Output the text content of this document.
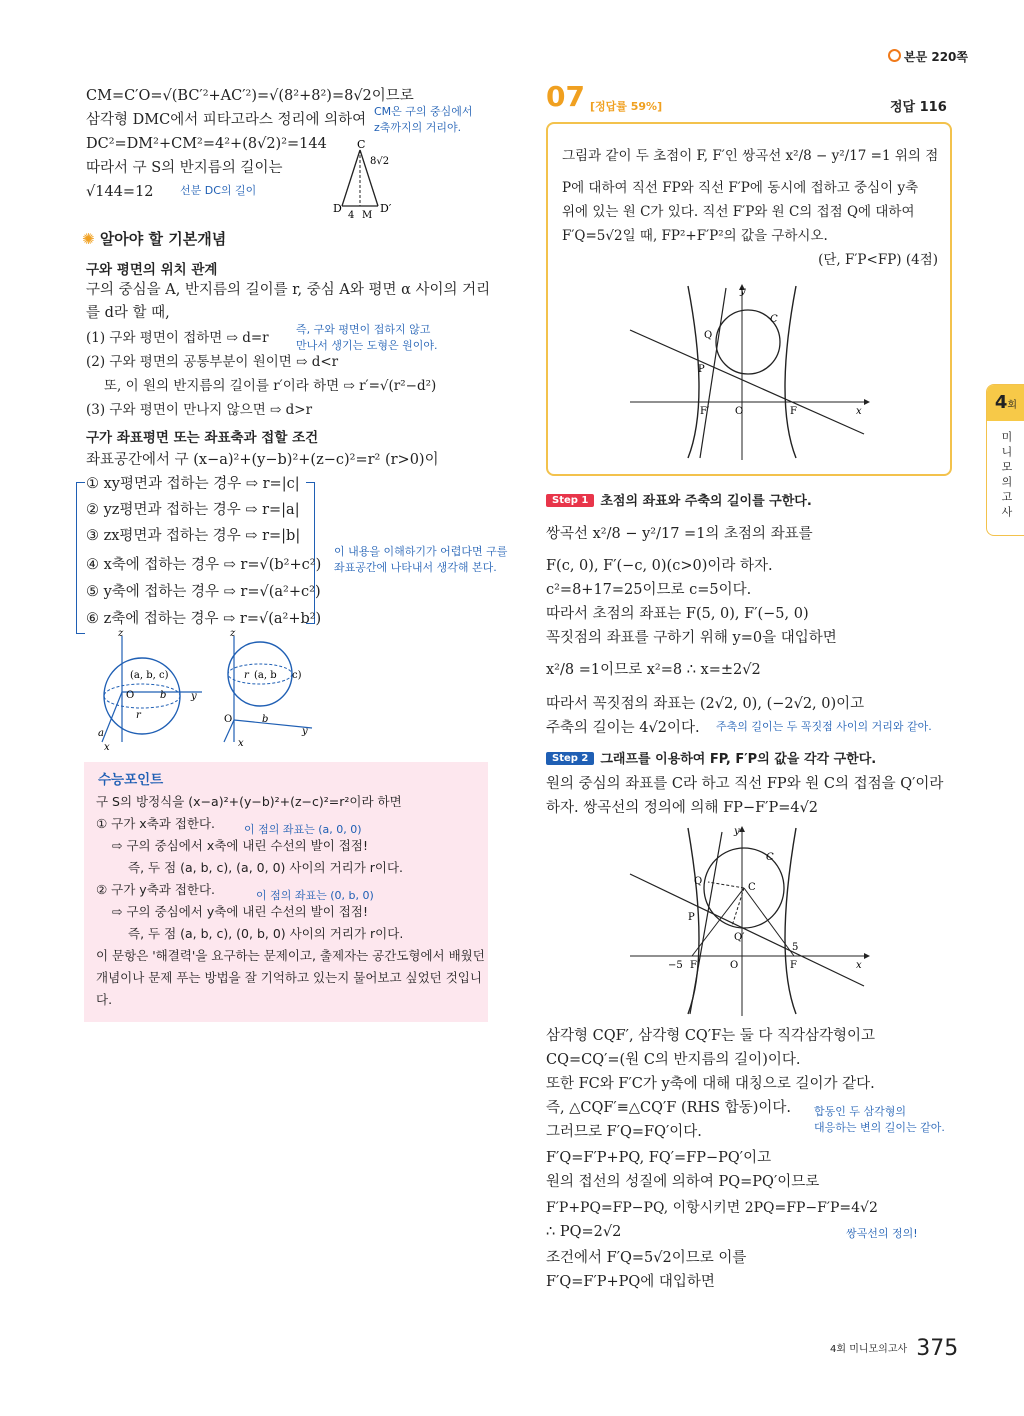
본문 220쪽
4회
미니모의고사
CM=C′O=√(BC′²+AC′²)=√(8²+8²)=8√2이므로
삼각형 DMC에서 피타고라스 정리에 의하여
DC²=DM²+CM²=4²+(8√2)²=144
따라서 구 S의 반지름의 길이는
√144=12
CM은 구의 중심에서
z축까지의 거리야.
선분 DC의 길이
C
8√2
D	D′
4 M
✺ 알아야 할 기본개념
구와 평면의 위치 관계
구의 중심을 A, 반지름의 길이를 r, 중심 A와 평면 α 사이의 거리
를 d라 할 때,
(1) 구와 평면이 접하면 ⇨ d=r
(2) 구와 평면의 공통부분이 원이면 ⇨ d<r
또, 이 원의 반지름의 길이를 r′이라 하면 ⇨ r′=√(r²−d²)
(3) 구와 평면이 만나지 않으면 ⇨ d>r
즉, 구와 평면이 접하지 않고
만나서 생기는 도형은 원이야.
구가 좌표평면 또는 좌표축과 접할 조건
좌표공간에서 구 (x−a)²+(y−b)²+(z−c)²=r² (r>0)이
① xy평면과 접하는 경우 ⇨ r=|c|
② yz평면과 접하는 경우 ⇨ r=|a|
③ zx평면과 접하는 경우 ⇨ r=|b|
④ x축에 접하는 경우 ⇨ r=√(b²+c²)
⑤ y축에 접하는 경우 ⇨ r=√(a²+c²)
⑥ z축에 접하는 경우 ⇨ r=√(a²+b²)
이 내용을 이해하기가 어렵다면 구를
좌표공간에 나타내서 생각해 본다.
z
y
x
O
(a, b, c)
b
r
a
z
y
x
O
(a, b c)
r
b
수능포인트
구 S의 방정식을 (x−a)²+(y−b)²+(z−c)²=r²이라 하면
① 구가 x축과 접한다.
⇨ 구의 중심에서 x축에 내린 수선의 발이 접점!
즉, 두 점 (a, b, c), (a, 0, 0) 사이의 거리가 r이다.
② 구가 y축과 접한다.
⇨ 구의 중심에서 y축에 내린 수선의 발이 접점!
즉, 두 점 (a, b, c), (0, b, 0) 사이의 거리가 r이다.
이 문항은 '해결력'을 요구하는 문제이고, 출제자는 공간도형에서 배웠던
개념이나 문제 푸는 방법을 잘 기억하고 있는지 물어보고 싶었던 것입니
다.
이 점의 좌표는 (a, 0, 0)
이 점의 좌표는 (0, b, 0)
07 [정답률 59%]	정답 116
그림과 같이 두 초점이 F, F′인 쌍곡선 x²/8 − y²/17 =1 위의 점
P에 대하여 직선 FP와 직선 F′P에 동시에 접하고 중심이 y축
위에 있는 원 C가 있다. 직선 F′P와 원 C의 접점 Q에 대하여
F′Q=5√2일 때, FP²+F′P²의 값을 구하시오.
(단, F′P<FP) (4점)
y
x
O	F
F′
P
Q
C
Step 1 초점의 좌표와 주축의 길이를 구한다.
쌍곡선 x²/8 − y²/17 =1의 초점의 좌표를
F(c, 0), F′(−c, 0)(c>0)이라 하자.
c²=8+17=25이므로 c=5이다.
따라서 초점의 좌표는 F(5, 0), F′(−5, 0)
꼭짓점의 좌표를 구하기 위해 y=0을 대입하면
x²/8 =1이므로 x²=8 ∴ x=±2√2
따라서 꼭짓점의 좌표는 (2√2, 0), (−2√2, 0)이고
주축의 길이는 4√2이다. 주축의 길이는 두 꼭짓점 사이의 거리와 같아.
Step 2 그래프를 이용하여 FP, F′P의 값을 각각 구한다.
원의 중심의 좌표를 C라 하고 직선 FP와 원 C의 접점을 Q′이라
하자. 쌍곡선의 정의에 의해 FP−F′P=4√2
y
x
O	F
F′
−5
5
P
Q
Q′
C
C
삼각형 CQF′, 삼각형 CQ′F는 둘 다 직각삼각형이고
CQ=CQ′=(원 C의 반지름의 길이)이다.
또한 FC와 F′C가 y축에 대해 대칭으로 길이가 같다.
즉, △CQF′≡△CQ′F (RHS 합동)이다.
그러므로 F′Q=FQ′이다.
F′Q=F′P+PQ, FQ′=FP−PQ′이고
원의 접선의 성질에 의하여 PQ=PQ′이므로
F′P+PQ=FP−PQ, 이항시키면 2PQ=FP−F′P=4√2
∴ PQ=2√2
조건에서 F′Q=5√2이므로 이를
F′Q=F′P+PQ에 대입하면
합동인 두 삼각형의
대응하는 변의 길이는 같아.
쌍곡선의 정의!
4회 미니모의고사 375
